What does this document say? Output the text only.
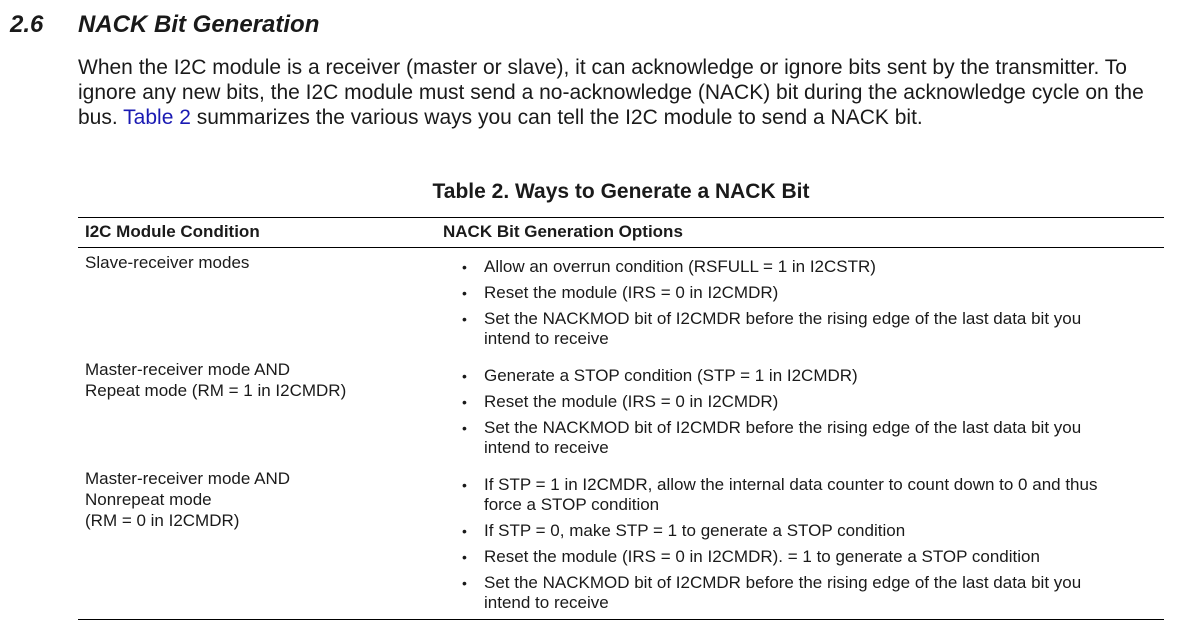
2.6 NACK Bit Generation

When the I2C module is a receiver (master or slave), it can acknowledge or ignore bits sent by the transmitter. To ignore any new bits, the I2C module must send a no-acknowledge (NACK) bit during the acknowledge cycle on the bus. Table 2 summarizes the various ways you can tell the I2C module to send a NACK bit.

Table 2. Ways to Generate a NACK Bit
I2C Module Condition	NACK Bit Generation Options
Slave-receiver modes
•	Allow an overrun condition (RSFULL = 1 in I2CSTR)
• Reset the module (IRS = 0 in I2CMDR)
• Set the NACKMOD bit of I2CMDR before the rising edge of the last data bit you
intend to receive
Master-receiver mode AND
Repeat mode (RM = 1 in I2CMDR)
• Generate a STOP condition (STP = 1 in I2CMDR)
• Reset the module (IRS = 0 in I2CMDR)
• Set the NACKMOD bit of I2CMDR before the rising edge of the last data bit you
intend to receive
Master-receiver mode AND
Nonrepeat mode
(RM = 0 in I2CMDR)
• If STP = 1 in I2CMDR, allow the internal data counter to count down to 0 and thus
force a STOP condition
• If STP = 0, make STP = 1 to generate a STOP condition
• Reset the module (IRS = 0 in I2CMDR). = 1 to generate a STOP condition
• Set the NACKMOD bit of I2CMDR before the rising edge of the last data bit you
intend to receive
